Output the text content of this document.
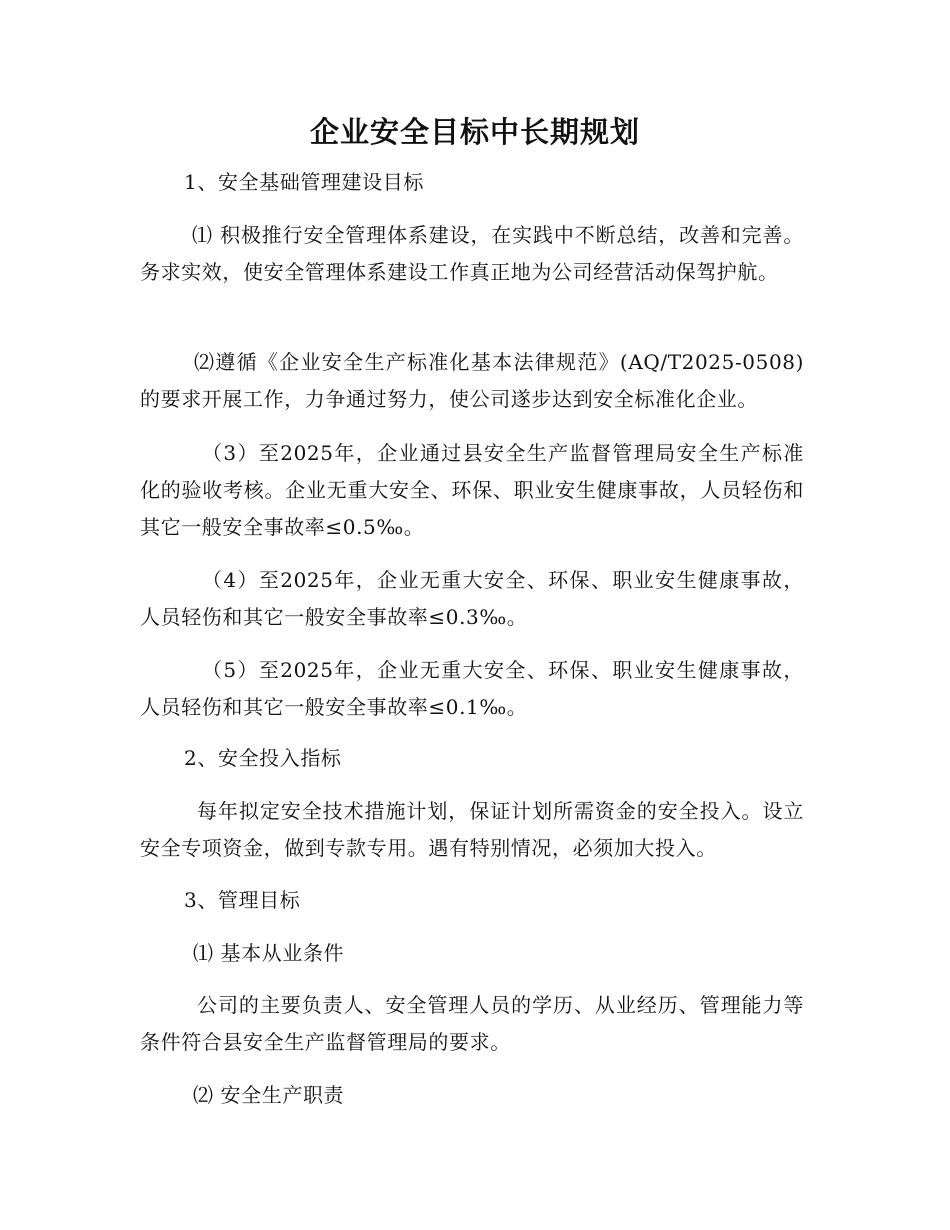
企业安全目标中长期规划

1、安全基础管理建设目标

⑴ 积极推行安全管理体系建设，在实践中不断总结，改善和完善。务求实效，使安全管理体系建设工作真正地为公司经营活动保驾护航。

⑵遵循《企业安全生产标准化基本法律规范》(AQ/T2025-0508)的要求开展工作，力争通过努力，使公司遂步达到安全标准化企业。

（3）至2025年，企业通过县安全生产监督管理局安全生产标准化的验收考核。企业无重大安全、环保、职业安生健康事故，人员轻伤和其它一般安全事故率≤0.5‰。

（4）至2025年，企业无重大安全、环保、职业安生健康事故，人员轻伤和其它一般安全事故率≤0.3‰。

（5）至2025年，企业无重大安全、环保、职业安生健康事故，人员轻伤和其它一般安全事故率≤0.1‰。

2、安全投入指标

每年拟定安全技术措施计划，保证计划所需资金的安全投入。设立安全专项资金，做到专款专用。遇有特别情况，必须加大投入。

3、管理目标

⑴ 基本从业条件

公司的主要负责人、安全管理人员的学历、从业经历、管理能力等条件符合县安全生产监督管理局的要求。

⑵ 安全生产职责
